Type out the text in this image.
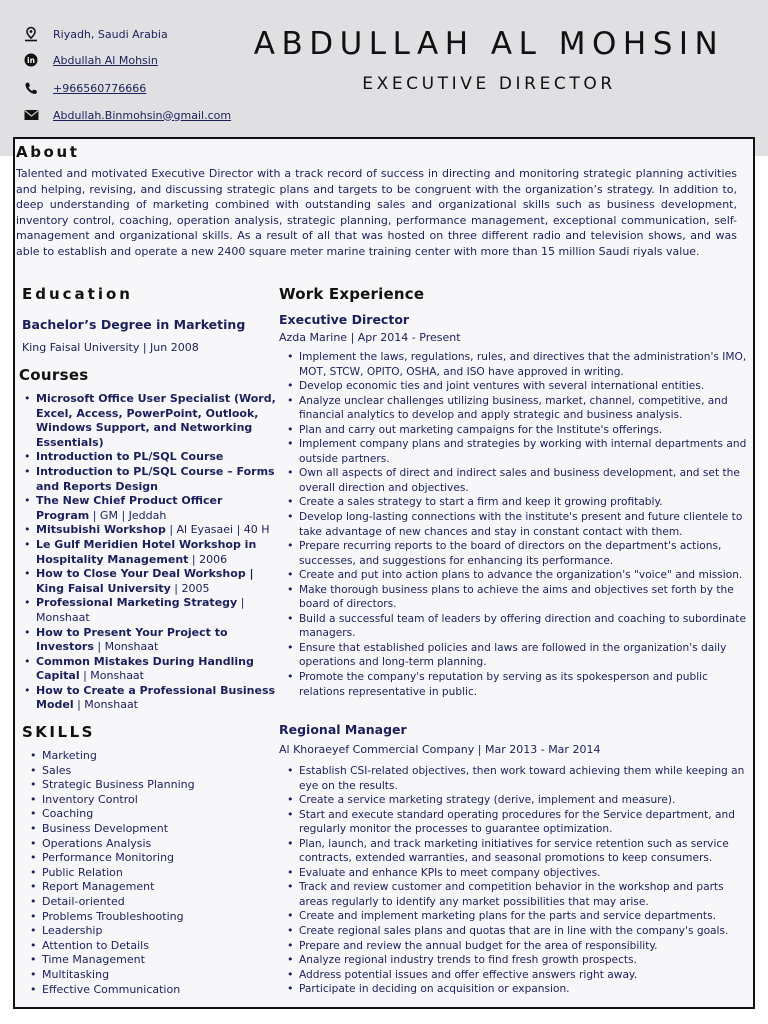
Riyadh, Saudi Arabia
in Abdullah Al Mohsin
+966560776666
Abdullah.Binmohsin@gmail.com
ABDULLAH AL MOHSIN
EXECUTIVE DIRECTOR
About

Talented and motivated Executive Director with a track record of success in directing and monitoring strategic planning activities and helping, revising, and discussing strategic plans and targets to be congruent with the organization’s strategy. In addition to, deep understanding of marketing combined with outstanding sales and organizational skills such as business development, inventory control, coaching, operation analysis, strategic planning, performance management, exceptional communication, self-management and organizational skills. As a result of all that was hosted on three different radio and television shows, and was able to establish and operate a new 2400 square meter marine training center with more than 15 million Saudi riyals value.

Education
Bachelor’s Degree in Marketing
King Faisal University | Jun 2008
Courses
• Microsoft Office User Specialist (Word, Excel, Access, PowerPoint, Outlook, Windows Support, and Networking Essentials)
• Introduction to PL/SQL Course
• Introduction to PL/SQL Course – Forms and Reports Design
• The New Chief Product Officer Program | GM | Jeddah
• Mitsubishi Workshop | Al Eyasaei | 40 H
• Le Gulf Meridien Hotel Workshop in Hospitality Management | 2006
• How to Close Your Deal Workshop | King Faisal University | 2005
• Professional Marketing Strategy | Monshaat
• How to Present Your Project to Investors | Monshaat
• Common Mistakes During Handling Capital | Monshaat
• How to Create a Professional Business Model | Monshaat
SKILLS
• Marketing
• Sales
• Strategic Business Planning
• Inventory Control
• Coaching
• Business Development
• Operations Analysis
• Performance Monitoring
• Public Relation
• Report Management
• Detail-oriented
• Problems Troubleshooting
• Leadership
• Attention to Details
• Time Management
• Multitasking
• Effective Communication
Work Experience
Executive Director
Azda Marine | Apr 2014 - Present
• Implement the laws, regulations, rules, and directives that the administration's IMO, MOT, STCW, OPITO, OSHA, and ISO have approved in writing.
• Develop economic ties and joint ventures with several international entities.
• Analyze unclear challenges utilizing business, market, channel, competitive, and financial analytics to develop and apply strategic and business analysis.
• Plan and carry out marketing campaigns for the Institute's offerings.
• Implement company plans and strategies by working with internal departments and outside partners.
• Own all aspects of direct and indirect sales and business development, and set the overall direction and objectives.
• Create a sales strategy to start a firm and keep it growing profitably.
• Develop long-lasting connections with the institute's present and future clientele to take advantage of new chances and stay in constant contact with them.
• Prepare recurring reports to the board of directors on the department's actions, successes, and suggestions for enhancing its performance.
• Create and put into action plans to advance the organization's "voice" and mission.
• Make thorough business plans to achieve the aims and objectives set forth by the board of directors.
• Build a successful team of leaders by offering direction and coaching to subordinate managers.
• Ensure that established policies and laws are followed in the organization's daily operations and long-term planning.
• Promote the company's reputation by serving as its spokesperson and public relations representative in public.
Regional Manager
Al Khoraeyef Commercial Company | Mar 2013 - Mar 2014
• Establish CSI-related objectives, then work toward achieving them while keeping an eye on the results.
• Create a service marketing strategy (derive, implement and measure).
• Start and execute standard operating procedures for the Service department, and regularly monitor the processes to guarantee optimization.
• Plan, launch, and track marketing initiatives for service retention such as service contracts, extended warranties, and seasonal promotions to keep consumers.
• Evaluate and enhance KPIs to meet company objectives.
• Track and review customer and competition behavior in the workshop and parts areas regularly to identify any market possibilities that may arise.
• Create and implement marketing plans for the parts and service departments.
• Create regional sales plans and quotas that are in line with the company's goals.
• Prepare and review the annual budget for the area of responsibility.
• Analyze regional industry trends to find fresh growth prospects.
• Address potential issues and offer effective answers right away.
• Participate in deciding on acquisition or expansion.
